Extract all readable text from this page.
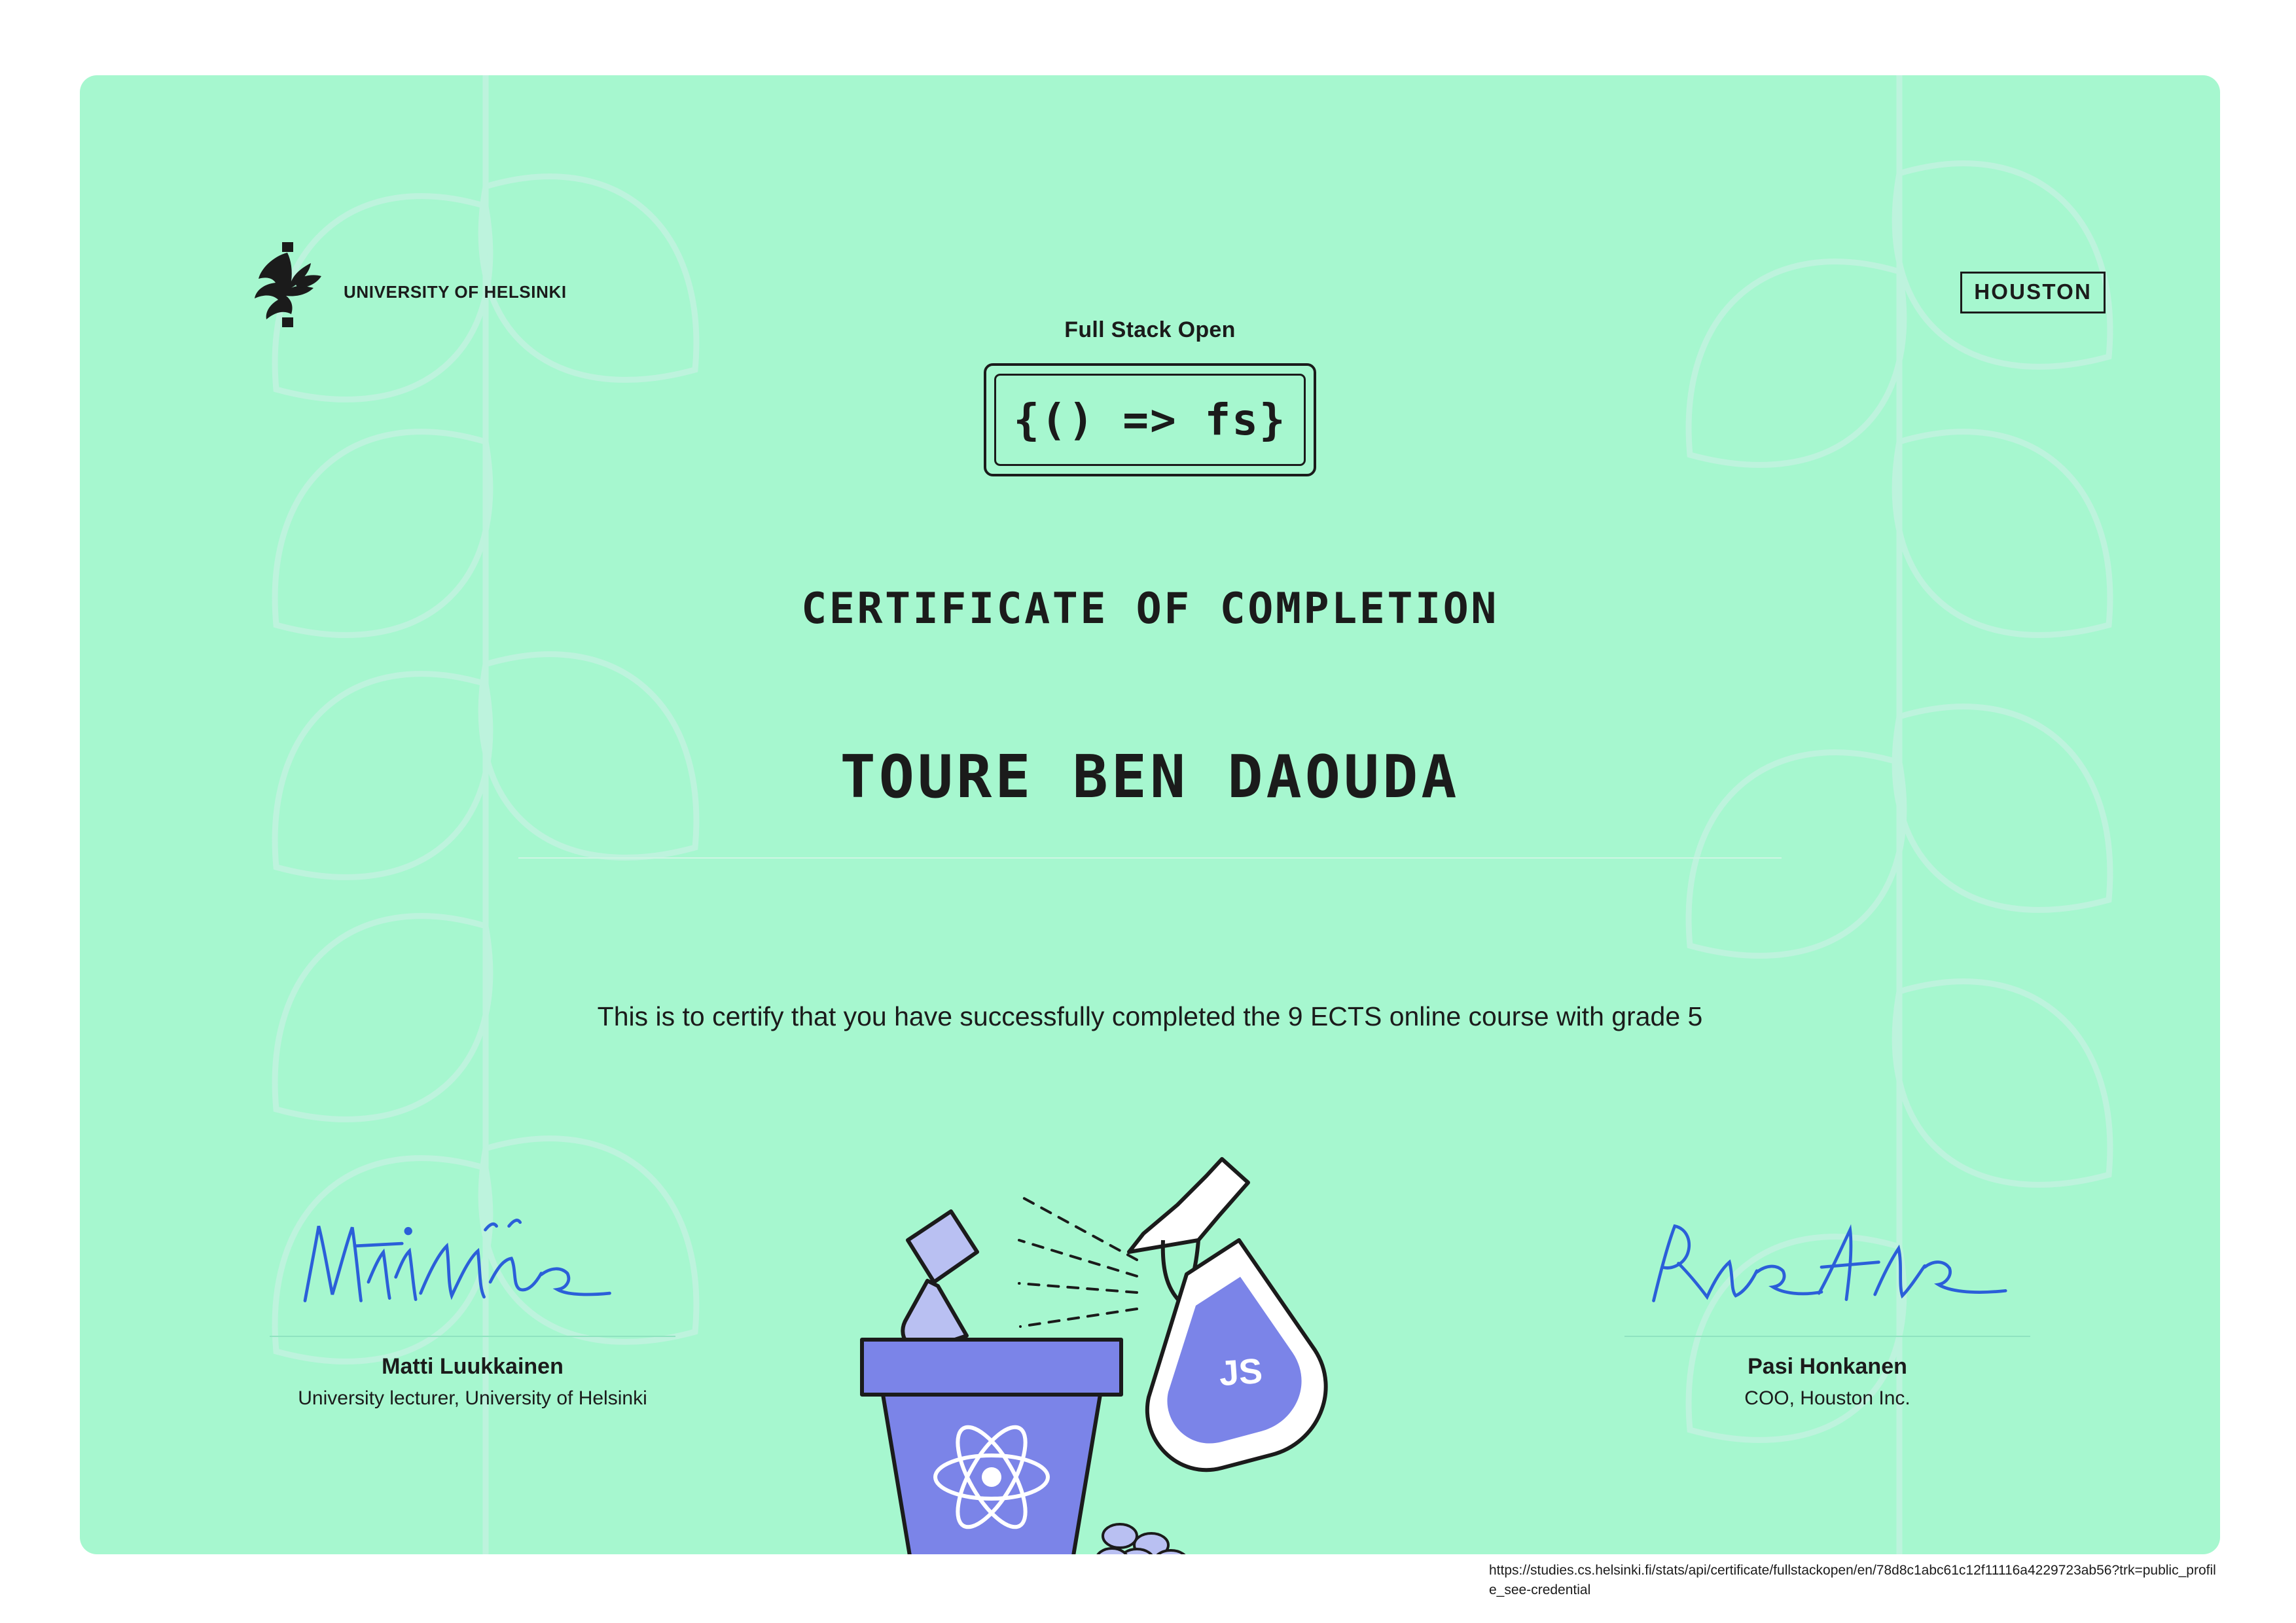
UNIVERSITY OF HELSINKI	HOUSTON
Full Stack Open
{() => fs}
CERTIFICATE OF COMPLETION
TOURE BEN DAOUDA
This is to certify that you have successfully completed the 9 ECTS online course with grade 5
Matti Luukkainen
University lecturer, University of Helsinki
Pasi Honkanen
COO, Houston Inc.
JS
https://studies.cs.helsinki.fi/stats/api/certificate/fullstackopen/en/78d8c1abc61c12f11116a4229723ab56?trk=public_profile_see-credential
